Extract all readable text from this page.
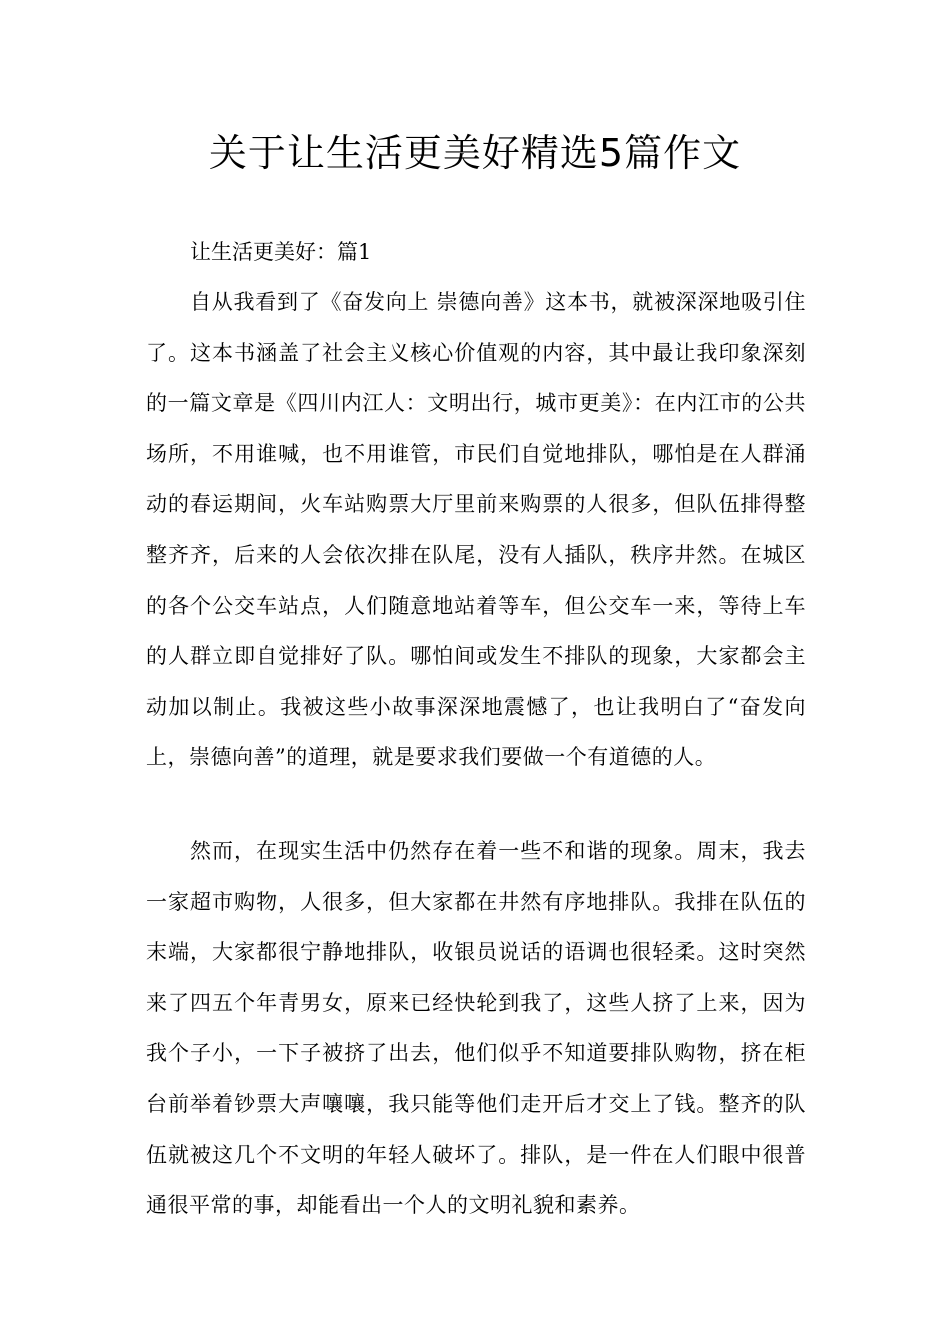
关于让生活更美好精选5篇作文

让生活更美好：篇1

自从我看到了《奋发向上 崇德向善》这本书，就被深深地吸引住了。这本书涵盖了社会主义核心价值观的内容，其中最让我印象深刻的一篇文章是《四川内江人：文明出行，城市更美》：在内江市的公共场所，不用谁喊，也不用谁管，市民们自觉地排队，哪怕是在人群涌动的春运期间，火车站购票大厅里前来购票的人很多，但队伍排得整整齐齐，后来的人会依次排在队尾，没有人插队，秩序井然。在城区的各个公交车站点，人们随意地站着等车，但公交车一来，等待上车的人群立即自觉排好了队。哪怕间或发生不排队的现象，大家都会主动加以制止。我被这些小故事深深地震憾了，也让我明白了“奋发向上，崇德向善”的道理，就是要求我们要做一个有道德的人。

然而，在现实生活中仍然存在着一些不和谐的现象。周末，我去一家超市购物，人很多，但大家都在井然有序地排队。我排在队伍的末端，大家都很宁静地排队，收银员说话的语调也很轻柔。这时突然来了四五个年青男女，原来已经快轮到我了，这些人挤了上来，因为我个子小，一下子被挤了出去，他们似乎不知道要排队购物，挤在柜台前举着钞票大声嚷嚷，我只能等他们走开后才交上了钱。整齐的队伍就被这几个不文明的年轻人破坏了。排队，是一件在人们眼中很普通很平常的事，却能看出一个人的文明礼貌和素养。
